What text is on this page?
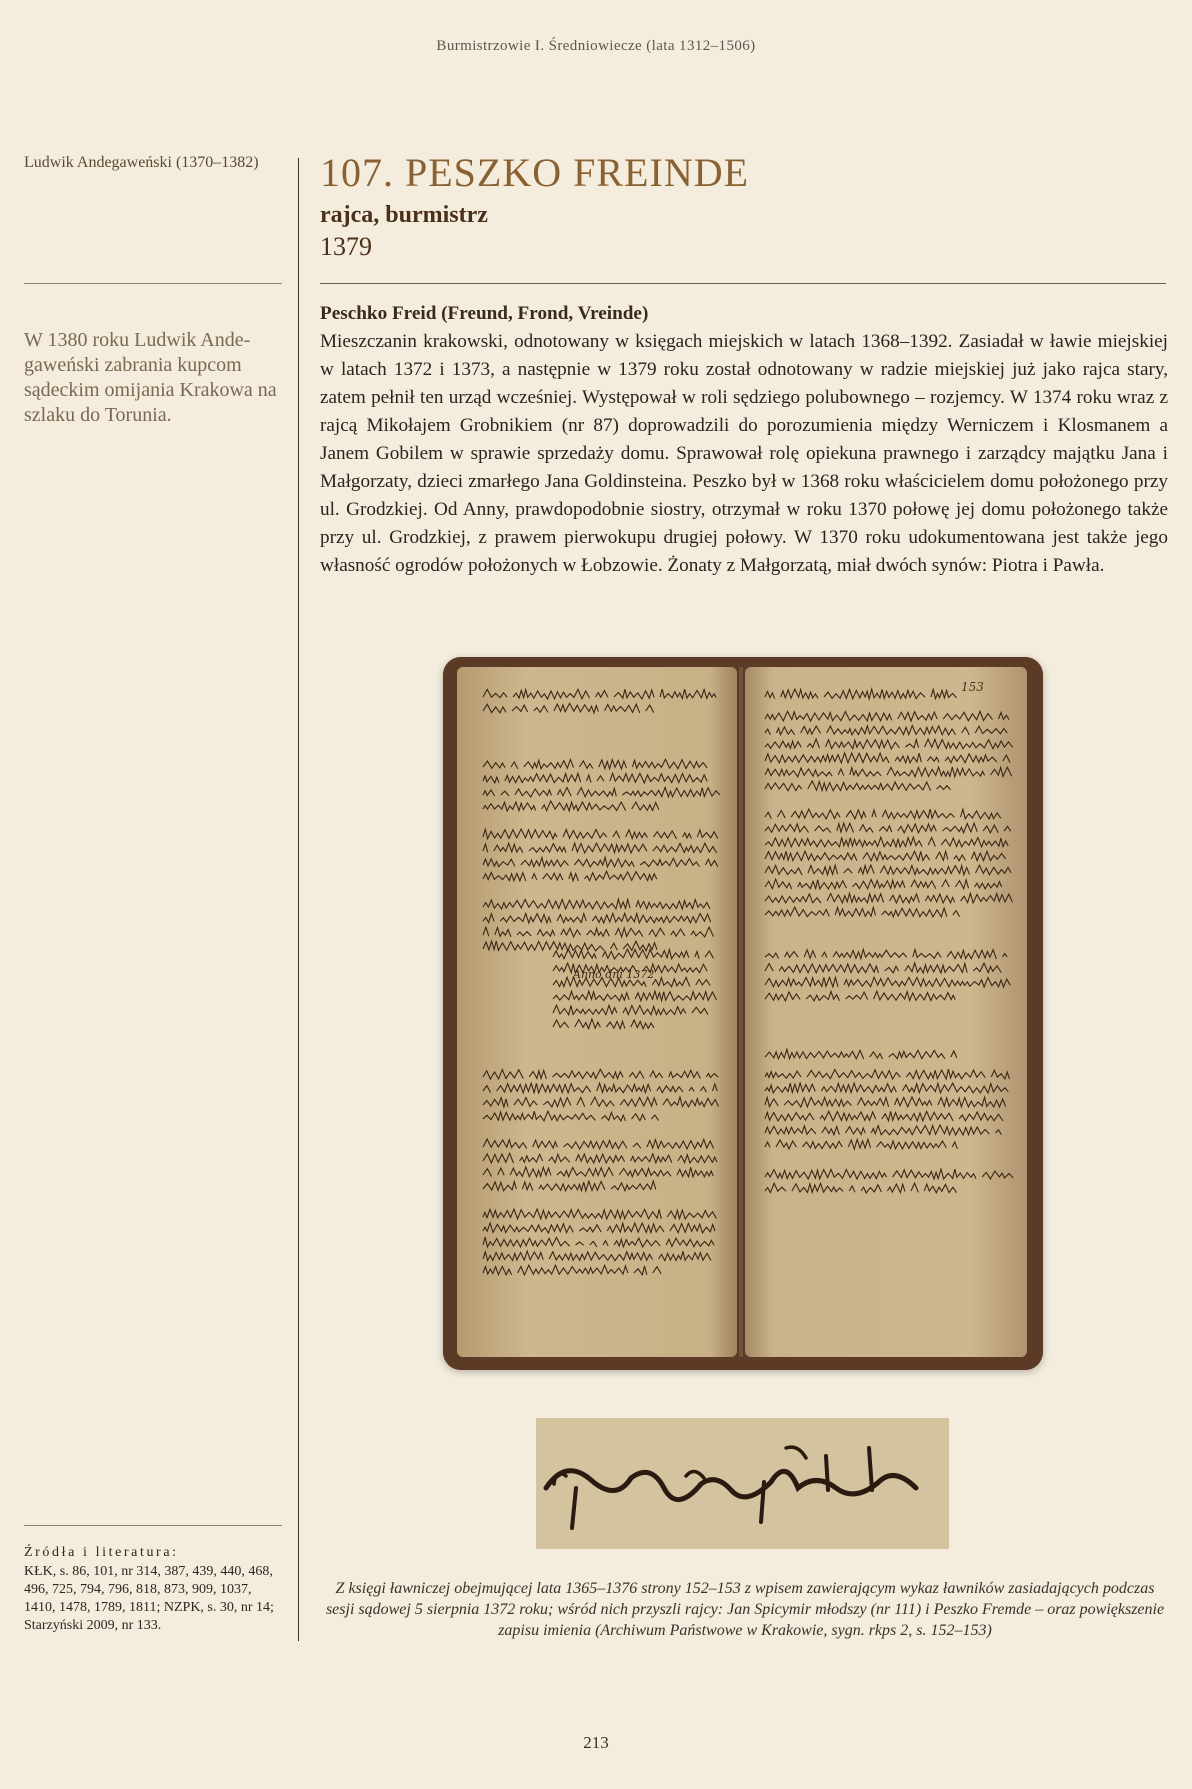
Burmistrzowie I. Średniowiecze (lata 1312–1506)
Ludwik Andegaweński (1370–1382)
W 1380 roku Ludwik Ande- gaweński zabrania kupcom sądeckim omijania Krakowa na szlaku do Torunia.
Źródła i literatura:
KŁK, s. 86, 101, nr 314, 387, 439, 440, 468, 496, 725, 794, 796, 818, 873, 909, 1037, 1410, 1478, 1789, 1811; NZPK, s. 30, nr 14; Starzyński 2009, nr 133.
107. PESZKO FREINDE
rajca, burmistrz
1379
Peschko Freid (Freund, Frond, Vreinde)
Mieszczanin krakowski, odnotowany w księgach miejskich w latach 1368–1392. Zasiadał w ławie miejskiej w latach 1372 i 1373, a następnie w 1379 roku został odnotowany w radzie miejskiej już jako rajca stary, zatem pełnił ten urząd wcześniej. Występował w roli sędziego polubownego – rozjemcy. W 1374 roku wraz z rajcą Mikołajem Grobnikiem (nr 87) doprowadzili do porozumienia między Werniczem i Klosmanem a Janem Gobilem w sprawie sprzedaży domu. Sprawował rolę opiekuna prawnego i zarządcy majątku Jana i Małgorzaty, dzieci zmarłego Jana Goldinsteina. Peszko był w 1368 roku właścicielem domu położonego przy ul. Grodzkiej. Od Anny, prawdopodobnie siostry, otrzymał w roku 1370 połowę jej domu położonego także przy ul. Grodzkiej, z prawem pierwokupu drugiej połowy. W 1370 roku udokumentowana jest także jego własność ogrodów położonych w Łobzowie. Żonaty z Małgorzatą, miał dwóch synów: Piotra i Pawła.
153
Anno dni 1372
Z księgi ławniczej obejmującej lata 1365–1376 strony 152–153 z wpisem zawierającym wykaz ławników zasiadających podczas sesji sądowej 5 sierpnia 1372 roku; wśród nich przyszli rajcy: Jan Spicymir młodszy (nr 111) i Peszko Fremde – oraz powiększenie zapisu imienia (Archiwum Państwowe w Krakowie, sygn. rkps 2, s. 152–153)
213
